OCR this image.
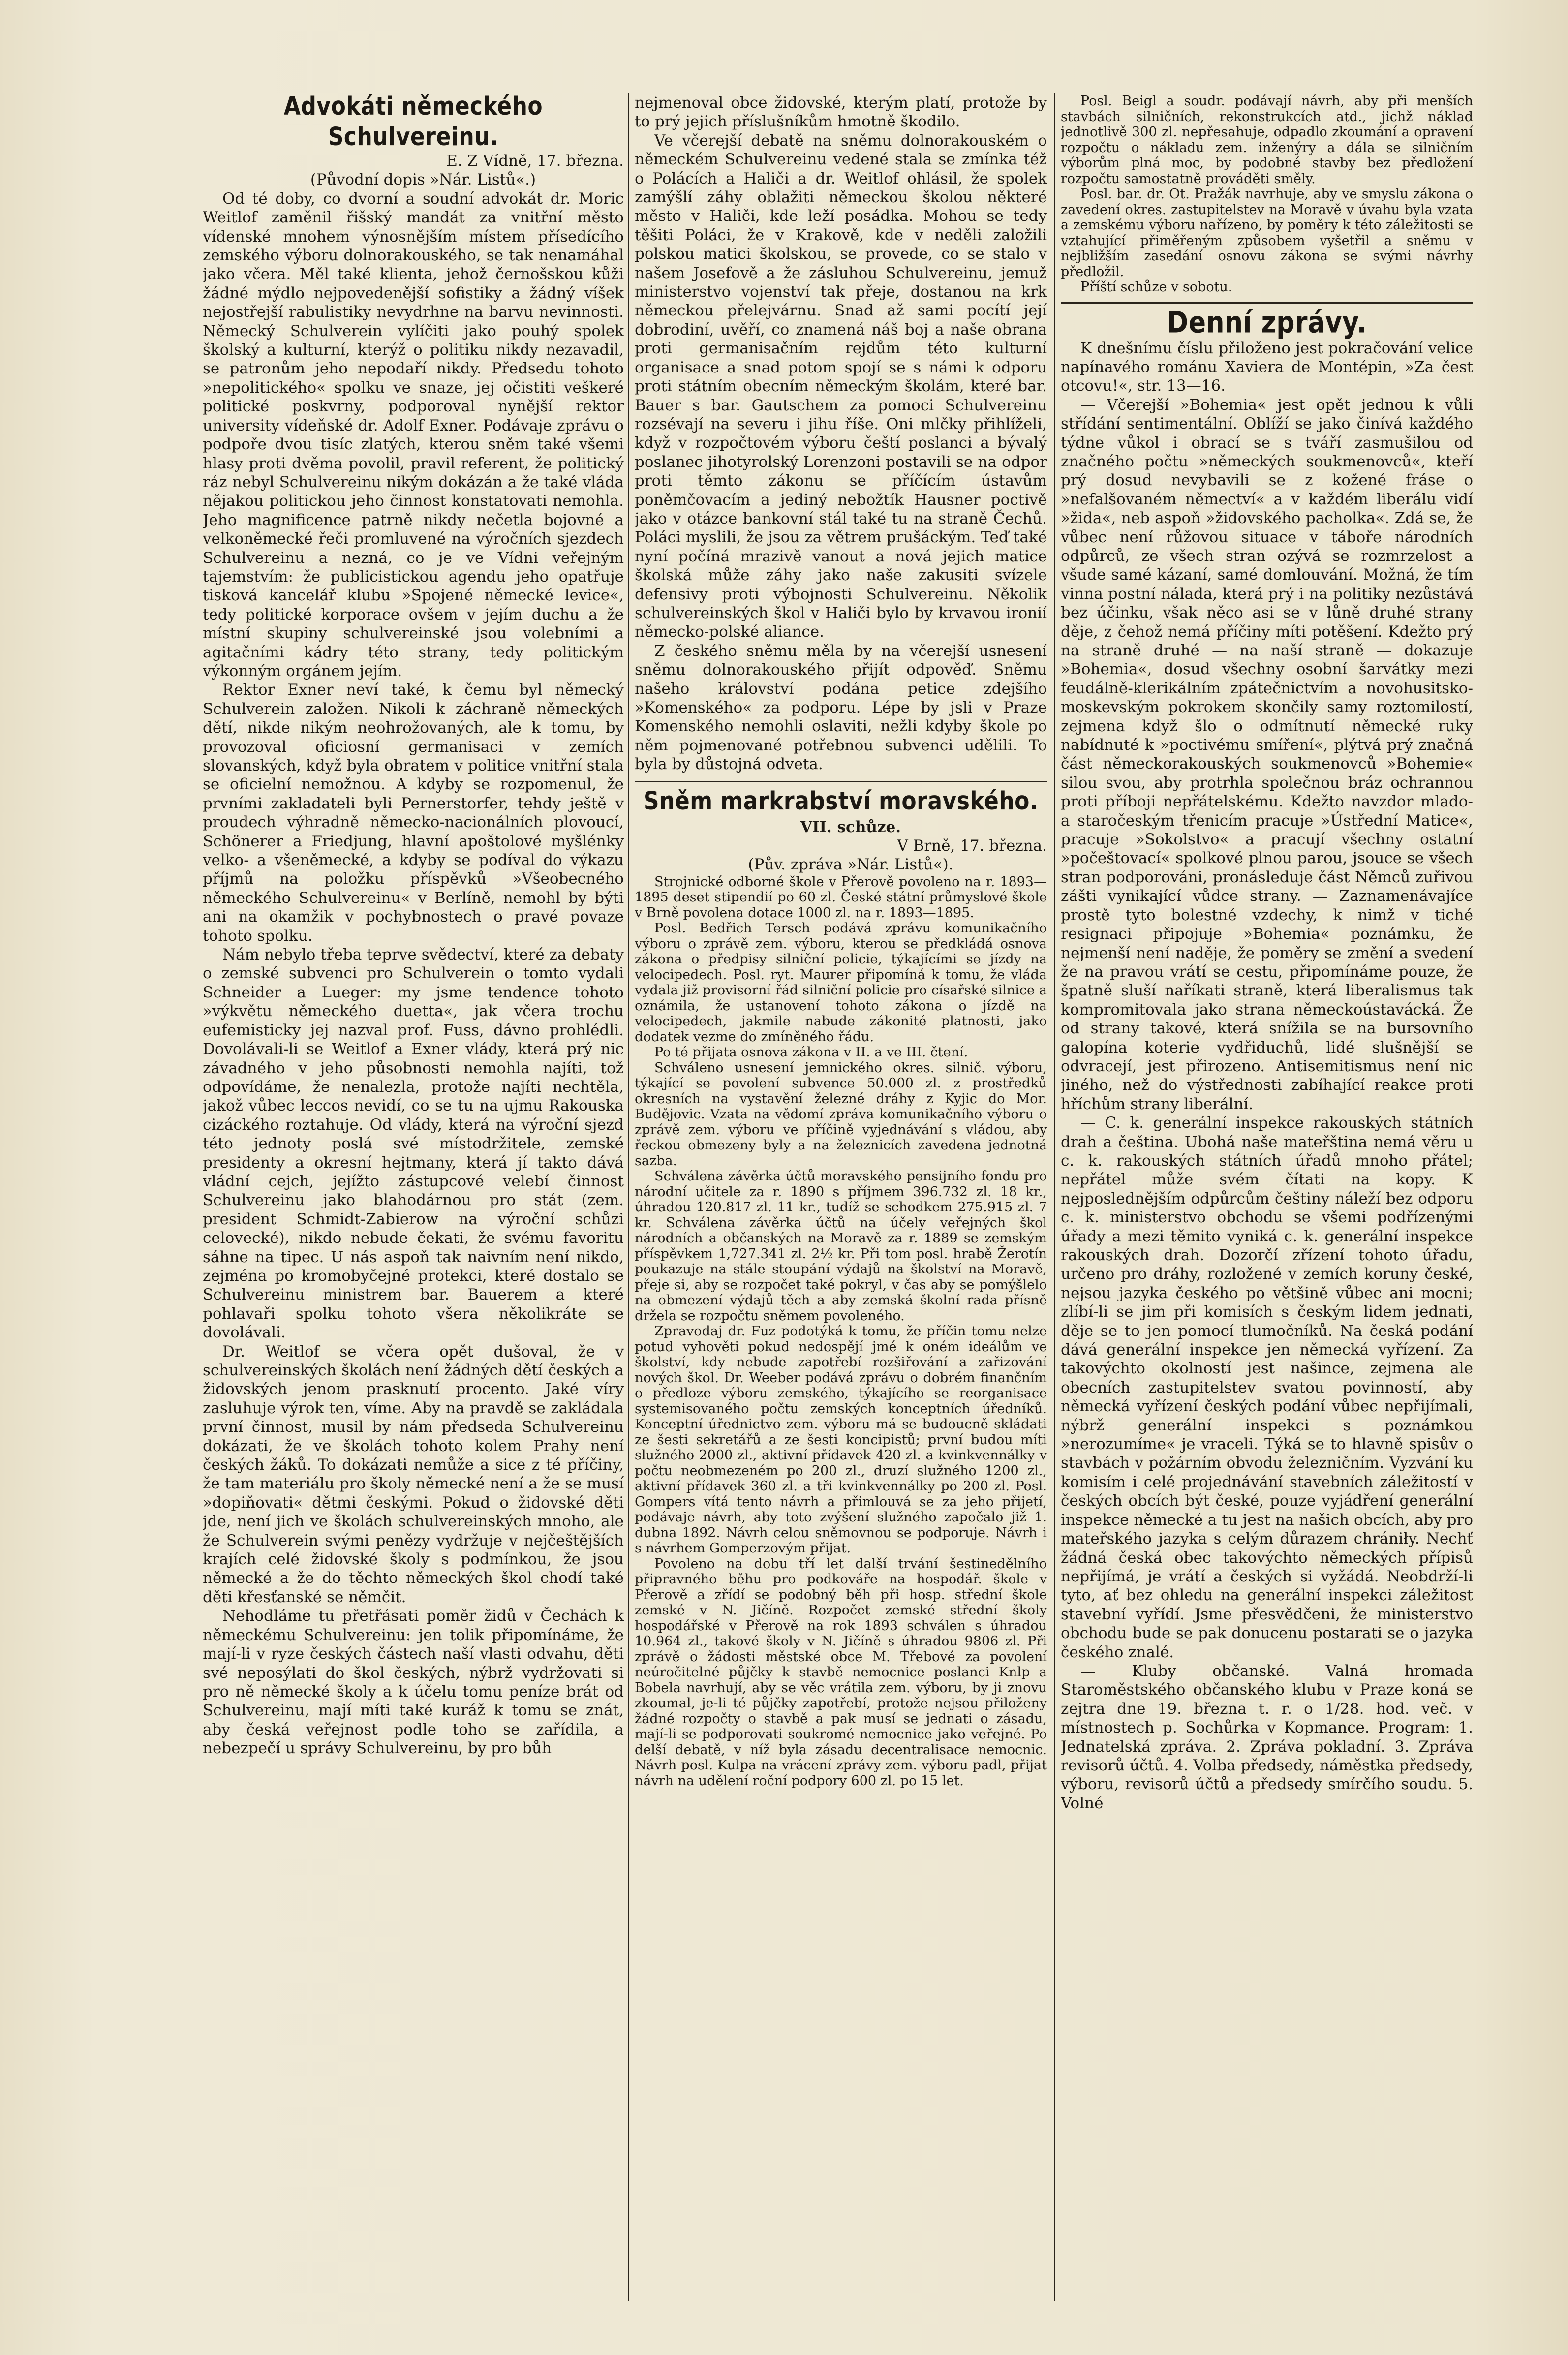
Advokáti německého Schulvereinu.

E. Z Vídně, 17. března.

(Původní dopis »Nár. Listů«.)

Od té doby, co dvorní a soudní advokát dr. Moric Weitlof zaměnil řišský mandát za vnitřní město vídenské mnohem výnosnějším místem přísedícího zemského výboru dolnorakouského, se tak nenamáhal jako včera. Měl také klienta, jehož černošskou kůži žádné mýdlo nejpovedenější sofistiky a žádný víšek nejostřejší rabulistiky nevydrhne na barvu nevinnosti. Německý Schulverein vylíčiti jako pouhý spolek školský a kulturní, kterýž o politiku nikdy nezavadil, se patronům jeho nepodaří nikdy. Předsedu tohoto »nepolitického« spolku ve snaze, jej očistiti veškeré politické poskvrny, podporoval nynější rektor university vídeňské dr. Adolf Exner. Podávaje zprávu o podpoře dvou tisíc zlatých, kterou sněm také všemi hlasy proti dvěma povolil, pravil referent, že politický ráz nebyl Schulvereinu nikým dokázán a že také vláda nějakou politickou jeho činnost konstatovati nemohla. Jeho magnificence patrně nikdy nečetla bojovné a velkoněmecké řeči promluvené na výročních sjezdech Schulvereinu a nezná, co je ve Vídni veřejným tajemstvím: že publicistickou agendu jeho opatřuje tisková kancelář klubu »Spojené německé levice«, tedy politické korporace ovšem v jejím duchu a že místní skupiny schulvereinské jsou volebními a agitačními kádry této strany, tedy politickým výkonným orgánem jejím.

Rektor Exner neví také, k čemu byl německý Schulverein založen. Nikoli k záchraně německých dětí, nikde nikým neohrožovaných, ale k tomu, by provozoval oficiosní germanisaci v zemích slovanských, když byla obratem v politice vnitřní stala se oficielní nemožnou. A kdyby se rozpomenul, že prvními zakladateli byli Pernerstorfer, tehdy ještě v proudech výhradně německo-nacionálních plovoucí, Schönerer a Friedjung, hlavní apoštolové myšlénky velko- a všeněmecké, a kdyby se podíval do výkazu příjmů na položku příspěvků »Všeobecného německého Schulvereinu« v Berlíně, nemohl by býti ani na okamžik v pochybnostech o pravé povaze tohoto spolku.

Nám nebylo třeba teprve svědectví, které za debaty o zemské subvenci pro Schulverein o tomto vydali Schneider a Lueger: my jsme tendence tohoto »výkvětu německého duetta«, jak včera trochu eufemisticky jej nazval prof. Fuss, dávno prohlédli. Dovolávali-li se Weitlof a Exner vlády, která prý nic závadného v jeho působnosti nemohla najíti, tož odpovídáme, že nenalezla, protože najíti nechtěla, jakož vůbec leccos nevidí, co se tu na ujmu Rakouska cizáckého roztahuje. Od vlády, která na výroční sjezd této jednoty poslá své místodržitele, zemské presidenty a okresní hejtmany, která jí takto dává vládní cejch, jejížto zástupcové velebí činnost Schulvereinu jako blahodárnou pro stát (zem. president Schmidt-Zabierow na výroční schůzi celovecké), nikdo nebude čekati, že svému favoritu sáhne na tipec. U nás aspoň tak naivním není nikdo, zejména po kromobyčejné protekci, které dostalo se Schulvereinu ministrem bar. Bauerem a které pohlavaři spolku tohoto všera několikráte se dovolávali.

Dr. Weitlof se včera opět dušoval, že v schulvereinských školách není žádných dětí českých a židovských jenom prasknutí procento. Jaké víry zasluhuje výrok ten, víme. Aby na pravdě se zakládala první činnost, musil by nám předseda Schulvereinu dokázati, že ve školách tohoto kolem Prahy není českých žáků. To dokázati nemůže a sice z té příčiny, že tam materiálu pro školy německé není a že se musí »dopiňovati« dětmi českými. Pokud o židovské děti jde, není jich ve školách schulvereinských mnoho, ale že Schulverein svými penězy vydržuje v nejčeštějších krajích celé židovské školy s podmínkou, že jsou německé a že do těchto německých škol chodí také děti křesťanské se němčit.

Nehodláme tu přetřásati poměr židů v Čechách k německému Schulvereinu: jen tolik připomínáme, že mají-li v ryze českých částech naší vlasti odvahu, děti své neposýlati do škol českých, nýbrž vydržovati si pro ně německé školy a k účelu tomu peníze brát od Schulvereinu, mají míti také kuráž k tomu se znát, aby česká veřejnost podle toho se zařídila, a nebezpečí u správy Schulvereinu, by pro bůh

nejmenoval obce židovské, kterým platí, protože by to prý jejich příslušníkům hmotně škodilo.

Ve včerejší debatě na sněmu dolnorakouském o německém Schulvereinu vedené stala se zmínka též o Polácích a Haliči a dr. Weitlof ohlásil, že spolek zamýšlí záhy oblažiti německou školou některé město v Haliči, kde leží posádka. Mohou se tedy těšiti Poláci, že v Krakově, kde v neděli založili polskou matici školskou, se provede, co se stalo v našem Josefově a že zásluhou Schulvereinu, jemuž ministerstvo vojenství tak přeje, dostanou na krk německou přelejvárnu. Snad až sami pocítí její dobrodiní, uvěří, co znamená náš boj a naše obrana proti germanisačním rejdům této kulturní organisace a snad potom spojí se s námi k odporu proti státním obecním německým školám, které bar. Bauer s bar. Gautschem za pomoci Schulvereinu rozsévají na severu i jihu říše. Oni mlčky přihlíželi, když v rozpočtovém výboru čeští poslanci a bývalý poslanec jihotyrolský Lorenzoni postavili se na odpor proti těmto zákonu se příčícím ústavům poněmčovacím a jediný nebožtík Hausner poctivě jako v otázce bankovní stál také tu na straně Čechů. Poláci myslili, že jsou za větrem prušáckým. Teď také nyní počíná mrazivě vanout a nová jejich matice školská může záhy jako naše zakusiti svízele defensivy proti výbojnosti Schulvereinu. Několik schulvereinských škol v Haliči bylo by krvavou ironií německo-polské aliance.

Z českého sněmu měla by na včerejší usnesení sněmu dolnorakouského přijít odpověď. Sněmu našeho království podána petice zdejšího »Komenského« za podporu. Lépe by jsli v Praze Komenského nemohli oslaviti, nežli kdyby škole po něm pojmenované potřebnou subvenci udělili. To byla by důstojná odveta.

Sněm markrabství moravského.

VII. schůze.

V Brně, 17. března.

(Pův. zpráva »Nár. Listů«).

Strojnické odborné škole v Přerově povoleno na r. 1893—1895 deset stipendií po 60 zl. České státní průmyslové škole v Brně povolena dotace 1000 zl. na r. 1893—1895.

Posl. Bedřich Tersch podává zprávu komunikačního výboru o zprávě zem. výboru, kterou se předkládá osnova zákona o předpisy silniční policie, týkajícími se jízdy na velocipedech. Posl. ryt. Maurer připomíná k tomu, že vláda vydala již provisorní řád silniční policie pro císařské silnice a oznámila, že ustanovení tohoto zákona o jízdě na velocipedech, jakmile nabude zákonité platnosti, jako dodatek vezme do zmíněného řádu.

Po té přijata osnova zákona v II. a ve III. čtení.

Schváleno usnesení jemnického okres. silnič. výboru, týkající se povolení subvence 50.000 zl. z prostředků okresních na vystavění železné dráhy z Kyjic do Mor. Budějovic. Vzata na vědomí zpráva komunikačního výboru o zprávě zem. výboru ve příčině vyjednávání s vládou, aby řeckou obmezeny byly a na železnicích zavedena jednotná sazba.

Schválena závěrka účtů moravského pensijního fondu pro národní učitele za r. 1890 s příjmem 396.732 zl. 18 kr., úhradou 120.817 zl. 11 kr., tudíž se schodkem 275.915 zl. 7 kr. Schválena závěrka účtů na účely veřejných škol národních a občanských na Moravě za r. 1889 se zemským příspěvkem 1,727.341 zl. 2½ kr. Při tom posl. hrabě Žerotín poukazuje na stále stoupání výdajů na školství na Moravě, přeje si, aby se rozpočet také pokryl, v čas aby se pomýšlelo na obmezení výdajů těch a aby zemská školní rada přísně držela se rozpočtu sněmem povoleného.

Zpravodaj dr. Fuz podotýká k tomu, že příčin tomu nelze potud vyhověti pokud nedospějí jmé k oném ideálům ve školství, kdy nebude zapotřebí rozšiřování a zařizování nových škol. Dr. Weeber podává zprávu o dobrém finančním o předloze výboru zemského, týkajícího se reorganisace systemisovaného počtu zemských konceptních úředníků. Konceptní úřednictvo zem. výboru má se budoucně skládati ze šesti sekretářů a ze šesti koncipistů; první budou míti služného 2000 zl., aktivní přídavek 420 zl. a kvinkvennálky v počtu neobmezeném po 200 zl., druzí služného 1200 zl., aktivní přídavek 360 zl. a tři kvinkvennálky po 200 zl. Posl. Gompers vítá tento návrh a přimlouvá se za jeho přijetí, podávaje návrh, aby toto zvýšení služného započalo již 1. dubna 1892. Návrh celou sněmovnou se podporuje. Návrh i s návrhem Gomperzovým přijat.

Povoleno na dobu tří let další trvání šestinedělního připravného běhu pro podkováře na hospodář. škole v Přerově a zřídí se podobný běh při hosp. střední škole zemské v N. Jičíně. Rozpočet zemské střední školy hospodářské v Přerově na rok 1893 schválen s úhradou 10.964 zl., takové školy v N. Jičíně s úhradou 9806 zl. Při zprávě o žádosti městské obce M. Třebové za povolení neúročitelné půjčky k stavbě nemocnice poslanci Knlp a Bobela navrhují, aby se věc vrátila zem. výboru, by ji znovu zkoumal, je-li té půjčky zapotřebí, protože nejsou přiloženy žádné rozpočty o stavbě a pak musí se jednati o zásadu, mají-li se podporovati soukromé nemocnice jako veřejné. Po delší debatě, v níž byla zásadu decentralisace nemocnic. Návrh posl. Kulpa na vrácení zprávy zem. výboru padl, přijat návrh na udělení roční podpory 600 zl. po 15 let.

Posl. Beigl a soudr. podávají návrh, aby při menších stavbách silničních, rekonstrukcích atd., jichž náklad jednotlivě 300 zl. nepřesahuje, odpadlo zkoumání a opravení rozpočtu o nákladu zem. inženýry a dála se silničním výborům plná moc, by podobné stavby bez předložení rozpočtu samostatně prováděti směly.

Posl. bar. dr. Ot. Pražák navrhuje, aby ve smyslu zákona o zavedení okres. zastupitelstev na Moravě v úvahu byla vzata a zemskému výboru nařízeno, by poměry k této záležitosti se vztahující přiměřeným způsobem vyšetřil a sněmu v nejbližším zasedání osnovu zákona se svými návrhy předložil.

Příští schůze v sobotu.

Denní zprávy.

K dnešnímu číslu přiloženo jest pokračování velice napínavého románu Xaviera de Montépin, »Za čest otcovu!«, str. 13—16.

— Včerejší »Bohemia« jest opět jednou k vůli střídání sentimentální. Oblíží se jako činívá každého týdne vůkol i obrací se s tváří zasmušilou od značného počtu »německých soukmenovců«, kteří prý dosud nevybavili se z kožené fráse o »nefalšovaném němectví« a v každém liberálu vidí »žida«, neb aspoň »židovského pacholka«. Zdá se, že vůbec není růžovou situace v táboře národních odpůrců, ze všech stran ozývá se rozmrzelost a všude samé kázaní, samé domlouvání. Možná, že tím vinna postní nálada, která prý i na politiky nezůstává bez účinku, však něco asi se v lůně druhé strany děje, z čehož nemá příčiny míti potěšení. Kdežto prý na straně druhé — na naší straně — dokazuje »Bohemia«, dosud všechny osobní šarvátky mezi feudálně-klerikálním zpátečnictvím a novohusitsko-moskevským pokrokem skončily samy roztomilostí, zejmena když šlo o odmítnutí německé ruky nabídnuté k »poctivému smíření«, plýtvá prý značná část německorakouských soukmenovců »Bohemie« silou svou, aby protrhla společnou bráz ochrannou proti příboji nepřátelskému. Kdežto navzdor mlado- a staročeským třenicím pracuje »Ústřední Matice«, pracuje »Sokolstvo« a pracují všechny ostatní »počeštovací« spolkové plnou parou, jsouce se všech stran podporováni, pronásleduje část Němců zuřivou zášti vynikající vůdce strany. — Zaznamenávajíce prostě tyto bolestné vzdechy, k nimž v tiché resignaci připojuje »Bohemia« poznámku, že nejmenší není naděje, že poměry se změní a svedení že na pravou vrátí se cestu, připomínáme pouze, že špatně sluší naříkati straně, která liberalismus tak kompromitovala jako strana německoústavácká. Že od strany takové, která snížila se na bursovního galopína koterie vydřiduchů, lidé slušnější se odvracejí, jest přirozeno. Antisemitismus není nic jiného, než do výstřednosti zabíhající reakce proti hříchům strany liberální.

— C. k. generální inspekce rakouských státních drah a čeština. Ubohá naše mateřština nemá věru u c. k. rakouských státních úřadů mnoho přátel; nepřátel může svém čítati na kopy. K nejposlednějším odpůrcům češtiny náleží bez odporu c. k. ministerstvo obchodu se všemi podřízenými úřady a mezi těmito vyniká c. k. generální inspekce rakouských drah. Dozorčí zřízení tohoto úřadu, určeno pro dráhy, rozložené v zemích koruny české, nejsou jazyka českého po většině vůbec ani mocni; zlíbí-li se jim při komisích s českým lidem jednati, děje se to jen pomocí tlumočníků. Na česká podání dává generální inspekce jen německá vyřízení. Za takovýchto okolností jest našince, zejmena ale obecních zastupitelstev svatou povinností, aby německá vyřízení českých podání vůbec nepřijímali, nýbrž generální inspekci s poznámkou »nerozumíme« je vraceli. Týká se to hlavně spisův o stavbách v požárním obvodu železničním. Vyzvání ku komisím i celé projednávání stavebních záležitostí v českých obcích být české, pouze vyjádření generální inspekce německé a tu jest na našich obcích, aby pro mateřského jazyka s celým důrazem chrániły. Nechť žádná česká obec takovýchto německých přípisů nepřijímá, je vrátí a českých si vyžádá. Neobdrží-li tyto, ať bez ohledu na generální inspekci záležitost stavební vyřídí. Jsme přesvědčeni, že ministerstvo obchodu bude se pak donucenu postarati se o jazyka českého znalé.

— Kluby občanské. Valná hromada Staroměstského občanského klubu v Praze koná se zejtra dne 19. března t. r. o 1/28. hod. več. v místnostech p. Sochůrka v Kopmance. Program: 1. Jednatelská zpráva. 2. Zpráva pokladní. 3. Zpráva revisorů účtů. 4. Volba předsedy, náměstka předsedy, výboru, revisorů účtů a předsedy smírčího soudu. 5. Volné
